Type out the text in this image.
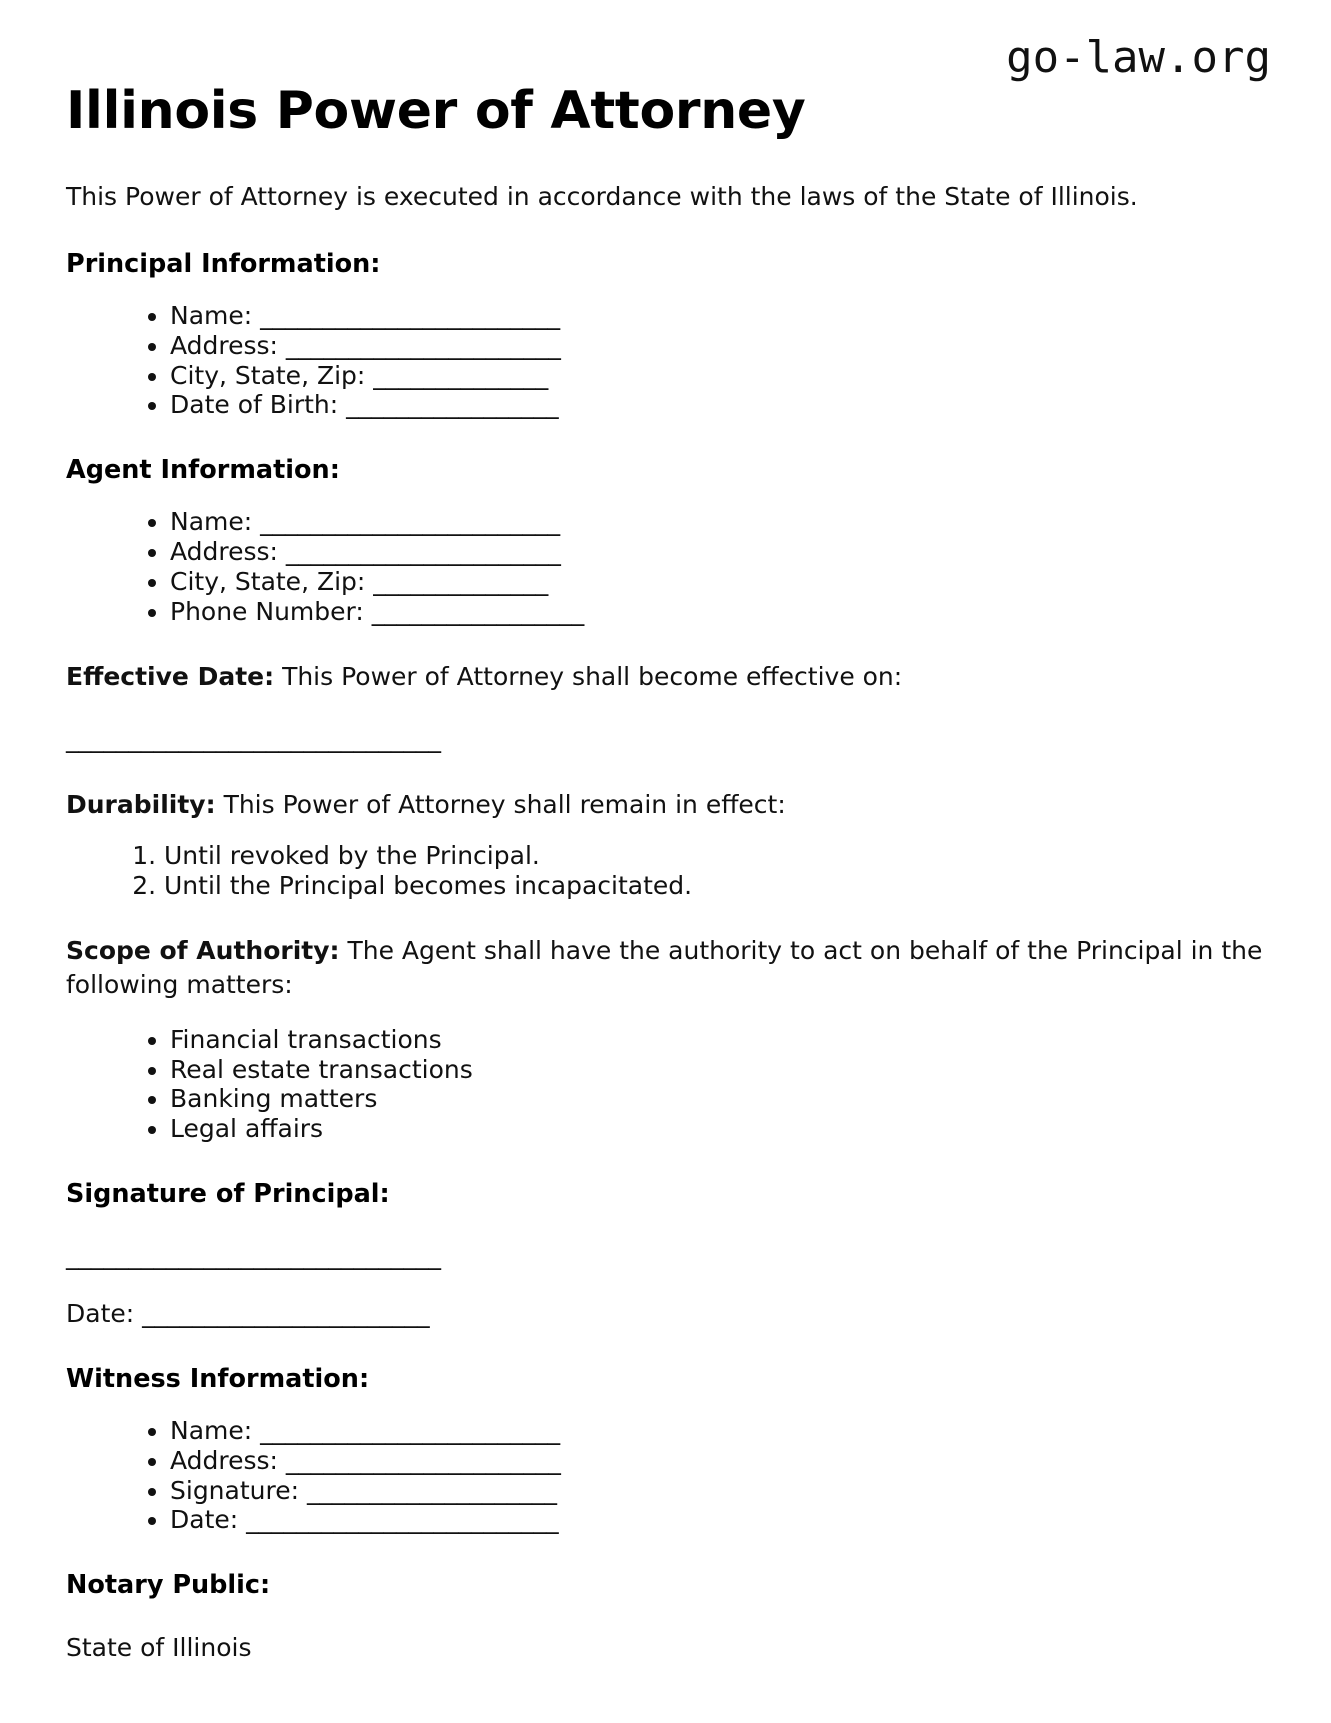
go-law.org
Illinois Power of Attorney

This Power of Attorney is executed in accordance with the laws of the State of Illinois.

Principal Information:
• Name: ________________________
• Address: ______________________
• City, State, Zip: ______________
• Date of Birth: _________________
Agent Information:
• Name: ________________________
• Address: ______________________
• City, State, Zip: ______________
• Phone Number: _________________

Effective Date: This Power of Attorney shall become effective on:

______________________________

Durability: This Power of Attorney shall remain in effect:

1. Until revoked by the Principal.
2. Until the Principal becomes incapacitated.

Scope of Authority: The Agent shall have the authority to act on behalf of the Principal in the following matters:

• Financial transactions
• Real estate transactions
• Banking matters
• Legal affairs
Signature of Principal:

______________________________

Date: _______________________

Witness Information:
• Name: ________________________
• Address: ______________________
• Signature: ____________________
• Date: _________________________
Notary Public:

State of Illinois
